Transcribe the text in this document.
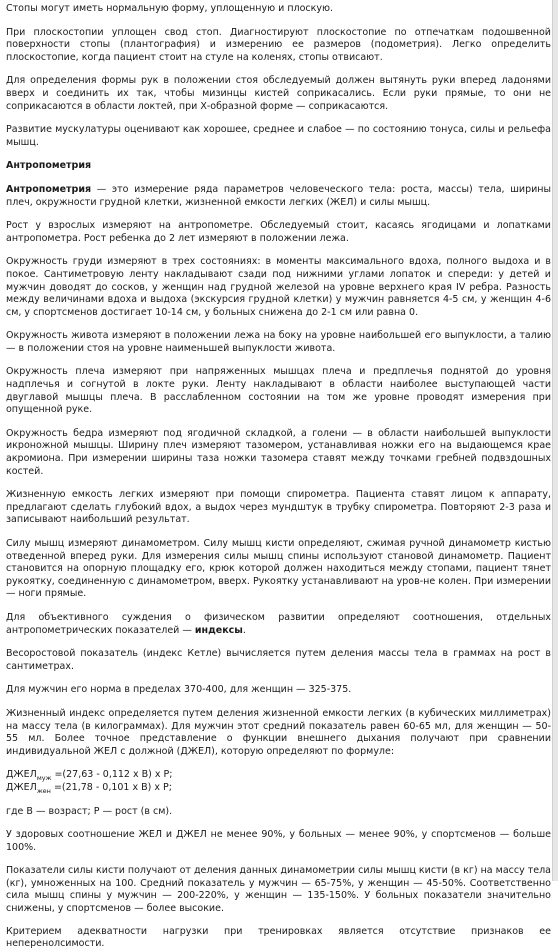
Стопы могут иметь нормальную форму, уплощенную и плоскую.

При плоскостопии уплощен свод стоп. Диагностируют плоскостопие по отпечаткам подошвенной поверхности стопы (плантография) и измерению ее размеров (подометрия). Легко определить плоскостопие, когда пациент стоит на стуле на коленях, стопы отвисают.

Для определения формы рук в положении стоя обследуемый должен вытянуть руки вперед ладонями вверх и соединить их так, чтобы мизинцы кистей соприкасались. Если руки прямые, то они не соприкасаются в области локтей, при Х-образной форме — соприкасаются.

Развитие мускулатуры оценивают как хорошее, среднее и слабое — по состоянию тонуса, силы и рельефа мышц.

Антропометрия

Антропометрия — это измерение ряда параметров человеческого тела: роста, массы) тела, ширины плеч, окружности грудной клетки, жизненной емкости легких (ЖЕЛ) и силы мышц.

Рост у взрослых измеряют на антропометре. Обследуемый стоит, касаясь ягодицами и лопатками антропометра. Рост ребенка до 2 лет измеряют в положении лежа.

Окружность груди измеряют в трех состояниях: в моменты максимального вдоха, полного выдоха и в покое. Сантиметровую ленту накладывают сзади под нижними углами лопаток и спереди: у детей и мужчин доводят до сосков, у женщин над грудной железой на уровне верхнего края IV ребра. Разность между величинами вдоха и выдоха (экскурсия грудной клетки) у мужчин равняется 4-5 см, у женщин 4-6 см, у спортсменов достигает 10-14 см, у больных снижена до 2-1 см или равна 0.

Окружность живота измеряют в положении лежа на боку на уровне наибольшей его выпуклости, а талию — в положении стоя на уровне наименьшей выпуклости живота.

Окружность плеча измеряют при напряженных мышцах плеча и предплечья поднятой до уровня надплечья и согнутой в локте руки. Ленту накладывают в области наиболее выступающей части двуглавой мышцы плеча. В расслабленном состоянии на том же уровне проводят измерения при опущенной руке.

Окружность бедра измеряют под ягодичной складкой, а голени — в области наибольшей выпуклости икроножной мышцы. Ширину плеч измеряют тазомером, устанавливая ножки его на выдающемся крае акромиона. При измерении ширины таза ножки тазомера ставят между точками гребней подвздошных костей.

Жизненную емкость легких измеряют при помощи спирометра. Пациента ставят лицом к аппарату, предлагают сделать глубокий вдох, а выдох через мундштук в трубку спирометра. Повторяют 2-3 раза и записывают наибольший результат.

Силу мышц измеряют динамометром. Силу мышц кисти определяют, сжимая ручной динамометр кистью отведенной вперед руки. Для измерения силы мышц спины используют становой динамометр. Пациент становится на опорную площадку его, крюк которой должен находиться между стопами, пациент тянет рукоятку, соединенную с динамометром, вверх. Рукоятку устанавливают на уров-не колен. При измерении — ноги прямые.

Для объективного суждения о физическом развитии определяют соотношения, отдельных антропометрических показателей — индексы.

Весоростовой показатель (индекс Кетле) вычисляется путем деления массы тела в граммах на рост в сантиметрах.

Для мужчин его норма в пределах 370-400, для женщин — 325-375.

Жизненный индекс определяется путем деления жизненной емкости легких (в кубических миллиметрах) на массу тела (в килограммах). Для мужчин этот средний показатель равен 60-65 мл, для женщин — 50-55 мл. Более точное представление о функции внешнего дыхания получают при сравнении индивидуальной ЖЕЛ с должной (ДЖЕЛ), которую определяют по формуле:

$ДЖЕЛ_{муж} =(27,63 - 0,112$ x В) x Р;

$ДЖЕЛ_{жен} =(21,78 - 0,101$ x В) x Р;

где В — возраст; Р — рост (в см).

У здоровых соотношение ЖЕЛ и ДЖЕЛ не менее 90%, у больных — менее 90%, у спортсменов — больше 100%.

Показатели силы кисти получают от деления данных динамометрии силы мышц кисти (в кг) на массу тела (кг), умноженных на 100. Средний показатель у мужчин — 65-75%, у женщин — 45-50%. Соответственно сила мышц спины у мужчин — 200-220%, у женщин — 135-150%. У больных показатели значительно снижены, у спортсменов — более высокие.

Критерием адекватности нагрузки при тренировках является отсутствие признаков ее неперенолсимости.
